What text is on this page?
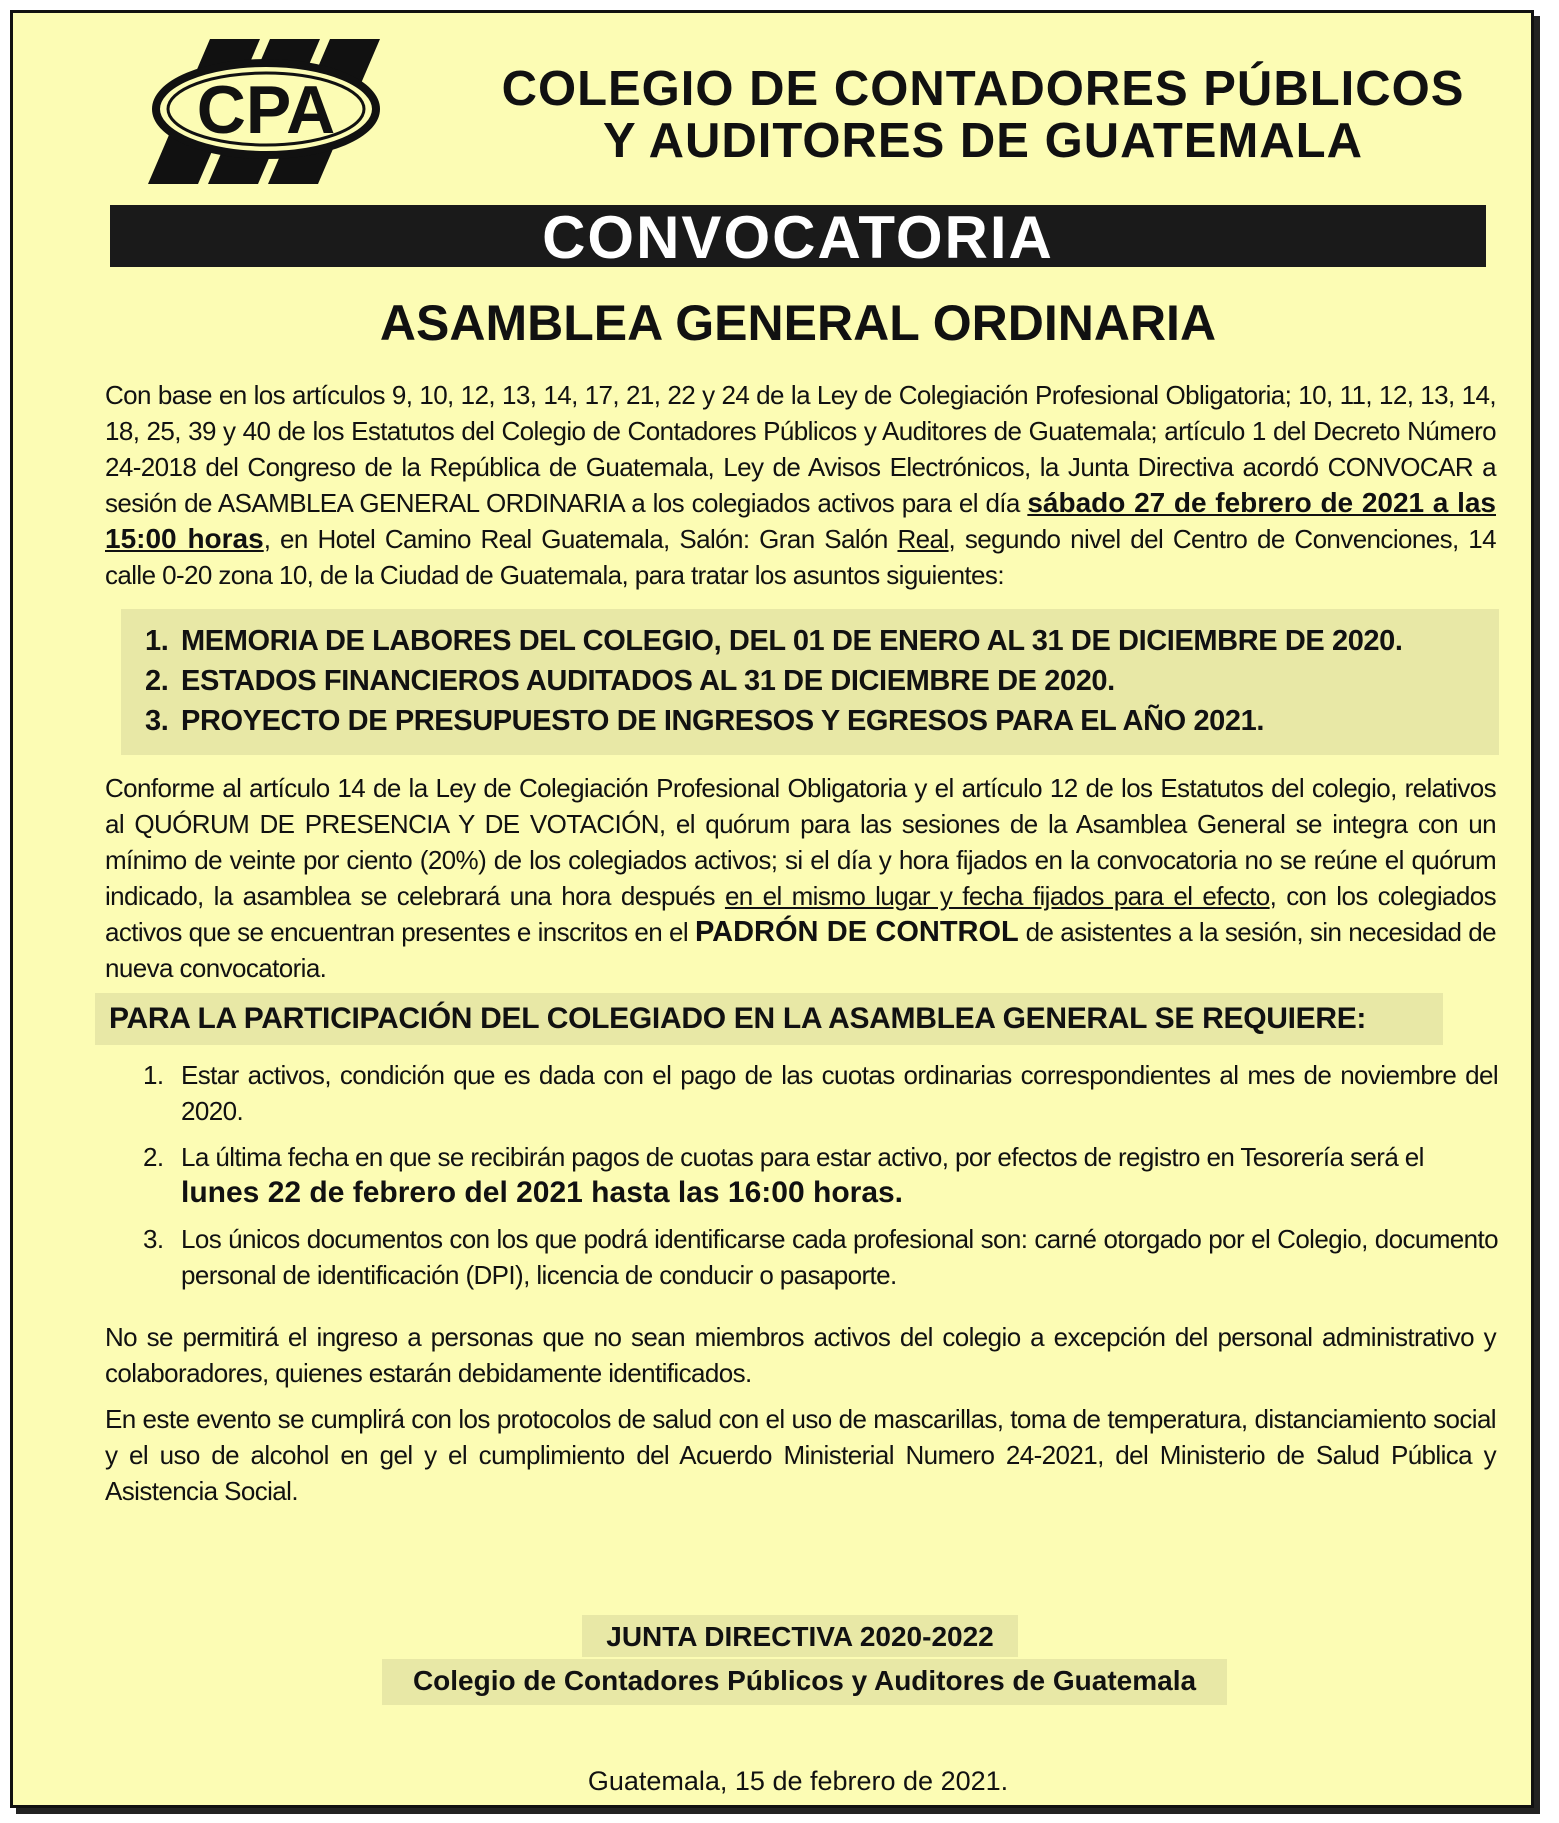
CPA	COLEGIO DE CONTADORES PÚBLICOS
Y AUDITORES DE GUATEMALA
CONVOCATORIA
ASAMBLEA GENERAL ORDINARIA
Con base en los artículos 9, 10, 12, 13, 14, 17, 21, 22 y 24 de la Ley de Colegiación Profesional Obligatoria; 10, 11, 12, 13, 14, 18, 25, 39 y 40 de los Estatutos del Colegio de Contadores Públicos y Auditores de Guatemala; artículo 1 del Decreto Número 24-2018 del Congreso de la República de Guatemala, Ley de Avisos Electrónicos, la Junta Directiva acordó CONVOCAR a sesión de ASAMBLEA GENERAL ORDINARIA a los colegiados activos para el día sábado 27 de febrero de 2021 a las 15:00 horas, en Hotel Camino Real Guatemala, Salón: Gran Salón Real, segundo nivel del Centro de Convenciones, 14 calle 0-20 zona 10, de la Ciudad de Guatemala, para tratar los asuntos siguientes:
1. MEMORIA DE LABORES DEL COLEGIO, DEL 01 DE ENERO AL 31 DE DICIEMBRE DE 2020.
2. ESTADOS FINANCIEROS AUDITADOS AL 31 DE DICIEMBRE DE 2020.
3. PROYECTO DE PRESUPUESTO DE INGRESOS Y EGRESOS PARA EL AÑO 2021.
Conforme al artículo 14 de la Ley de Colegiación Profesional Obligatoria y el artículo 12 de los Estatutos del colegio, relativos al QUÓRUM DE PRESENCIA Y DE VOTACIÓN, el quórum para las sesiones de la Asamblea General se integra con un mínimo de veinte por ciento (20%) de los colegiados activos; si el día y hora fijados en la convocatoria no se reúne el quórum indicado, la asamblea se celebrará una hora después en el mismo lugar y fecha fijados para el efecto, con los colegiados activos que se encuentran presentes e inscritos en el PADRÓN DE CONTROL de asistentes a la sesión, sin necesidad de nueva convocatoria.
PARA LA PARTICIPACIÓN DEL COLEGIADO EN LA ASAMBLEA GENERAL SE REQUIERE:
1. Estar activos, condición que es dada con el pago de las cuotas ordinarias correspondientes al mes de noviembre del 2020.
2. La última fecha en que se recibirán pagos de cuotas para estar activo, por efectos de registro en Tesorería será el
lunes 22 de febrero del 2021 hasta las 16:00 horas.
3. Los únicos documentos con los que podrá identificarse cada profesional son: carné otorgado por el Colegio, documento personal de identificación (DPI), licencia de conducir o pasaporte.
No se permitirá el ingreso a personas que no sean miembros activos del colegio a excepción del personal administrativo y colaboradores, quienes estarán debidamente identificados.
En este evento se cumplirá con los protocolos de salud con el uso de mascarillas, toma de temperatura, distanciamiento social y el uso de alcohol en gel y el cumplimiento del Acuerdo Ministerial Numero 24-2021, del Ministerio de Salud Pública y Asistencia Social.
JUNTA DIRECTIVA 2020-2022
Colegio de Contadores Públicos y Auditores de Guatemala
Guatemala, 15 de febrero de 2021.
